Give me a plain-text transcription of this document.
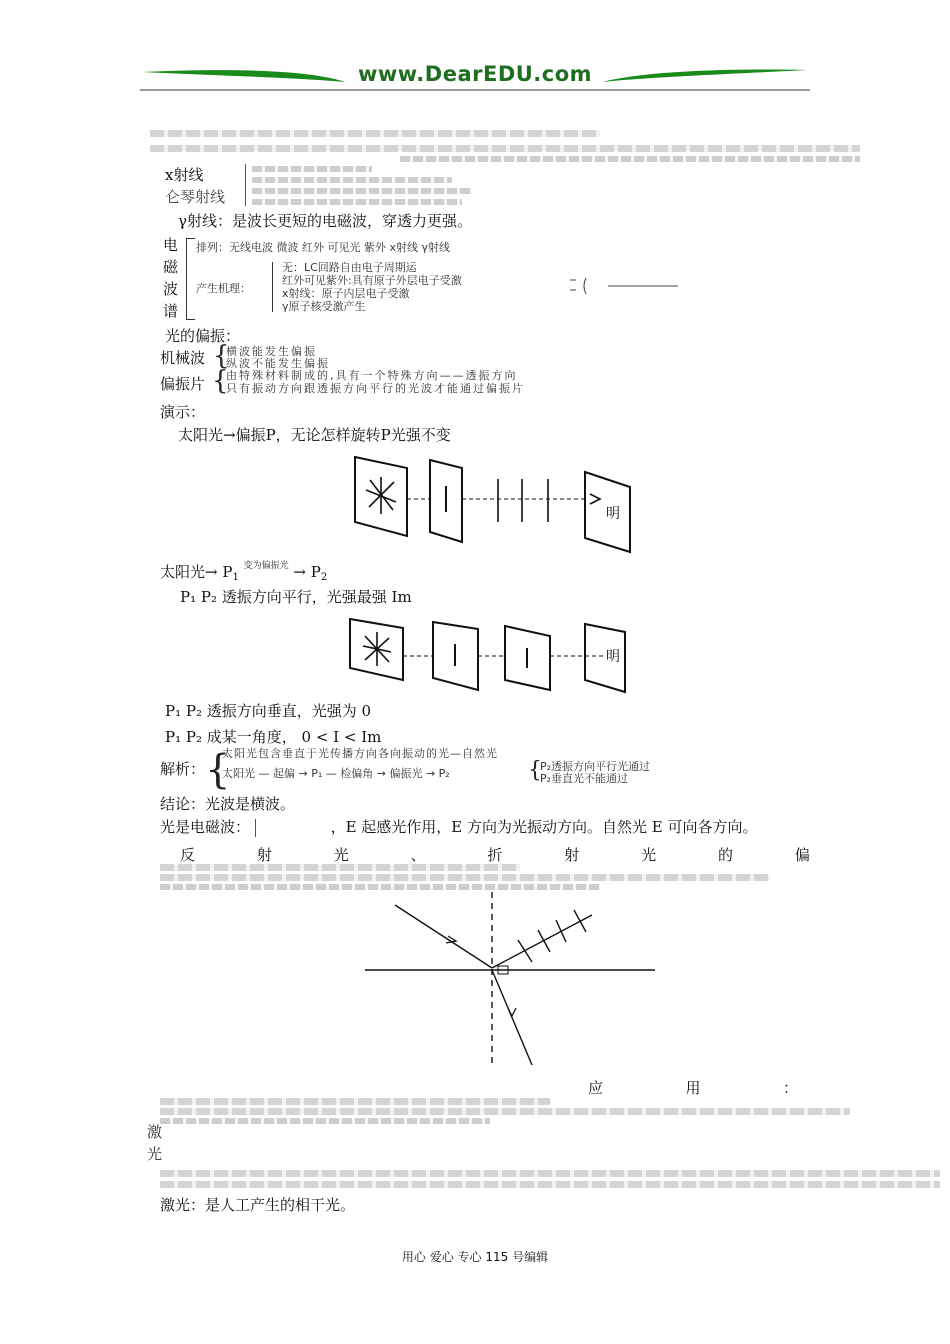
www.DearEDU.com
x射线
仑琴射线
γ射线：是波长更短的电磁波，穿透力更强。
电
磁
波
谱
排列：无线电波 微波 红外 可见光 紫外 x射线 γ射线
产生机理：
无：LC回路自由电子周期运
红外可见紫外:具有原子外层电子受激
x射线：原子内层电子受激
γ原子核受激产生
光的偏振：
机械波 {
横波能发生偏振
纵波不能发生偏振
偏振片 {
由特殊材料制成的,具有一个特殊方向——透振方向
只有振动方向跟透振方向平行的光波才能通过偏振片
演示：
太阳光→偏振P，无论怎样旋转P光强不变
明
太阳光→ $P_1$ $^{变为偏振光} \to P_2$
P₁ P₂ 透振方向平行，光强最强 Im
明
P₁ P₂ 透振方向垂直，光强为 0
P₁ P₂ 成某一角度， 0 < I < Im
解析： {
太阳光包含垂直于光传播方向各向振动的光—自然光
太阳光 — 起偏 → P₁ — 检偏角 → 偏振光 → P₂	{
P₂透振方向平行光通过
P₂垂直光不能通过
结论：光波是横波。
光是电磁波：	，E 起感光作用，E 方向为光振动方向。自然光 E 可向各方向。
反	射	光	、	折	射	光	的	偏
应	用	：
激
光
激光：是人工产生的相干光。
用心 爱心 专心 115 号编辑
